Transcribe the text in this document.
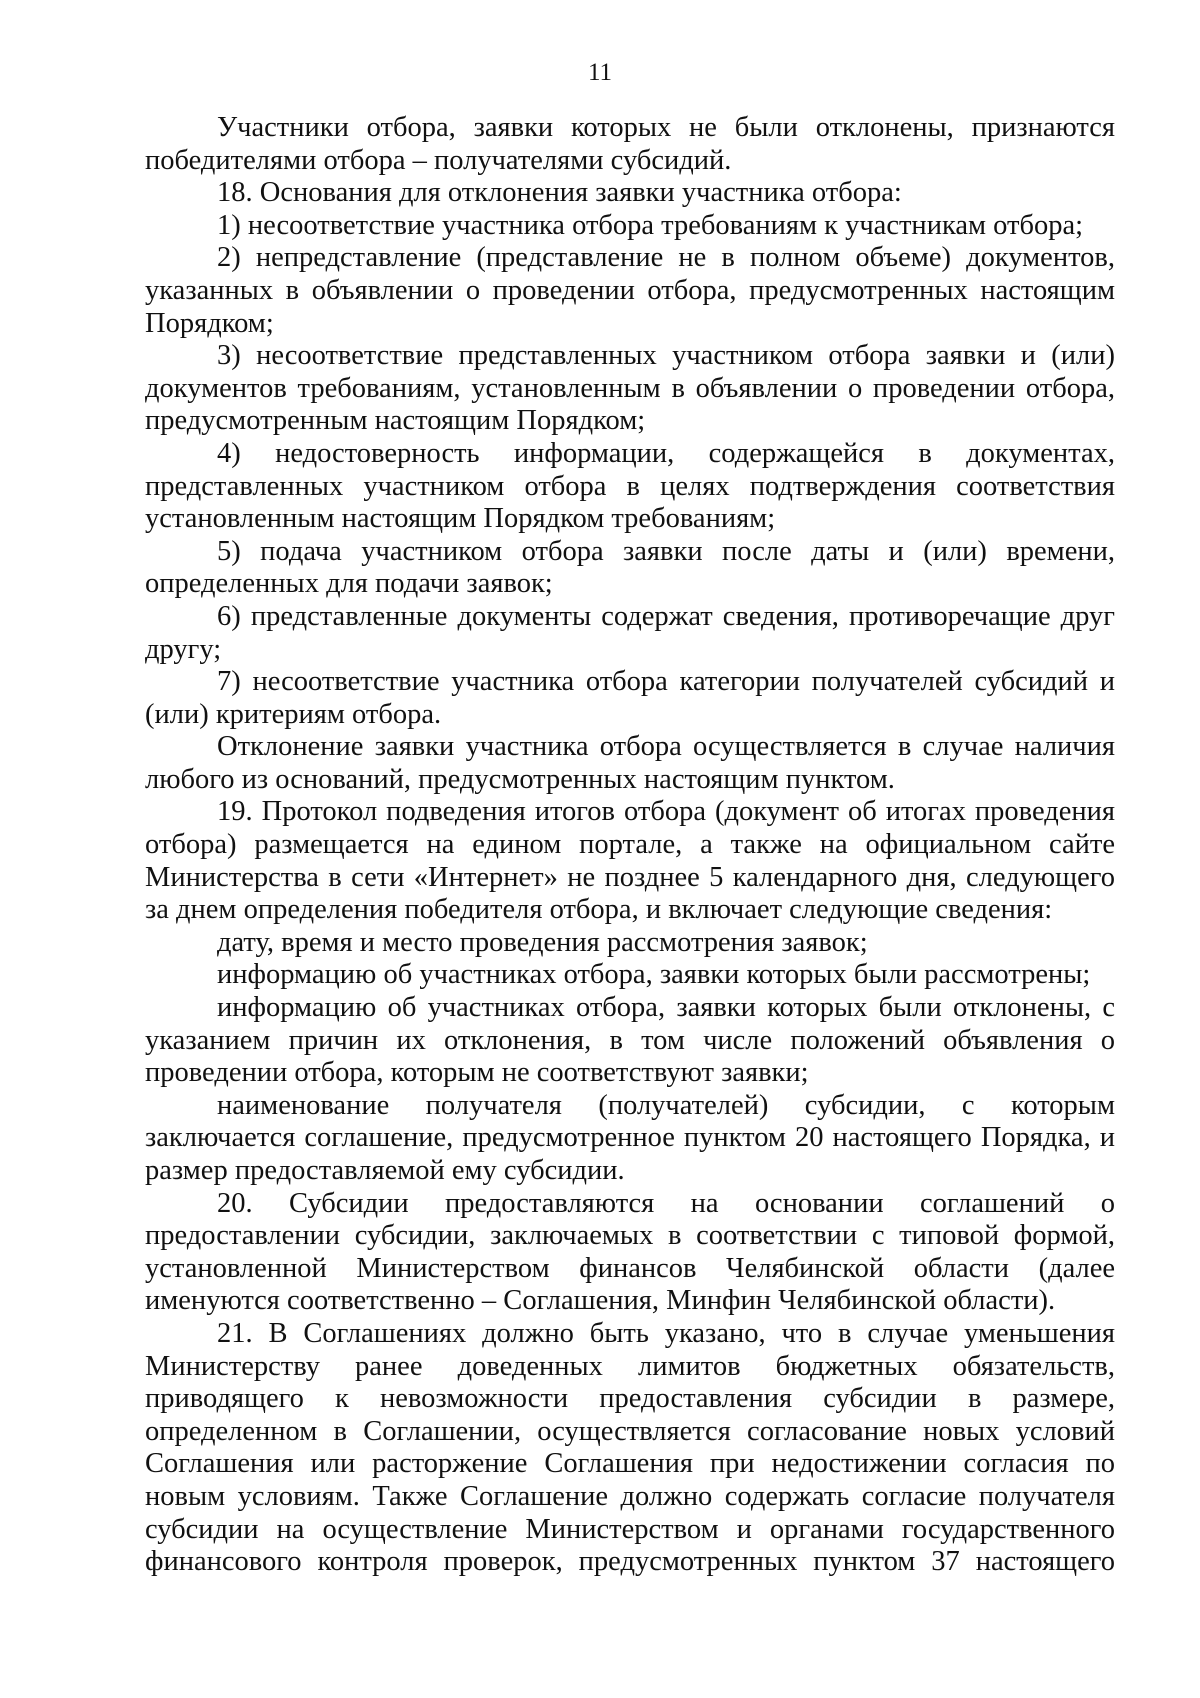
11

Участники отбора, заявки которых не были отклонены, признаются победителями отбора – получателями субсидий.

18. Основания для отклонения заявки участника отбора:

1) несоответствие участника отбора требованиям к участникам отбора;

2) непредставление (представление не в полном объеме) документов, указанных в объявлении о проведении отбора, предусмотренных настоящим Порядком;

3) несоответствие представленных участником отбора заявки и (или) документов требованиям, установленным в объявлении о проведении отбора, предусмотренным настоящим Порядком;

4) недостоверность информации, содержащейся в документах, представленных участником отбора в целях подтверждения соответствия установленным настоящим Порядком требованиям;

5) подача участником отбора заявки после даты и (или) времени, определенных для подачи заявок;

6) представленные документы содержат сведения, противоречащие друг другу;

7) несоответствие участника отбора категории получателей субсидий и (или) критериям отбора.

Отклонение заявки участника отбора осуществляется в случае наличия любого из оснований, предусмотренных настоящим пунктом.

19. Протокол подведения итогов отбора (документ об итогах проведения отбора) размещается на едином портале, а также на официальном сайте Министерства в сети «Интернет» не позднее 5 календарного дня, следующего за днем определения победителя отбора, и включает следующие сведения:

дату, время и место проведения рассмотрения заявок;

информацию об участниках отбора, заявки которых были рассмотрены;

информацию об участниках отбора, заявки которых были отклонены, с указанием причин их отклонения, в том числе положений объявления о проведении отбора, которым не соответствуют заявки;

наименование получателя (получателей) субсидии, с которым заключается соглашение, предусмотренное пунктом 20 настоящего Порядка, и размер предоставляемой ему субсидии.

20. Субсидии предоставляются на основании соглашений о предоставлении субсидии, заключаемых в соответствии с типовой формой, установленной Министерством финансов Челябинской области (далее именуются соответственно – Соглашения, Минфин Челябинской области).

21. В Соглашениях должно быть указано, что в случае уменьшения Министерству ранее доведенных лимитов бюджетных обязательств, приводящего к невозможности предоставления субсидии в размере, определенном в Соглашении, осуществляется согласование новых условий Соглашения или расторжение Соглашения при недостижении согласия по новым условиям. Также Соглашение должно содержать согласие получателя субсидии на осуществление Министерством и органами государственного финансового контроля проверок, предусмотренных пунктом 37 настоящего
